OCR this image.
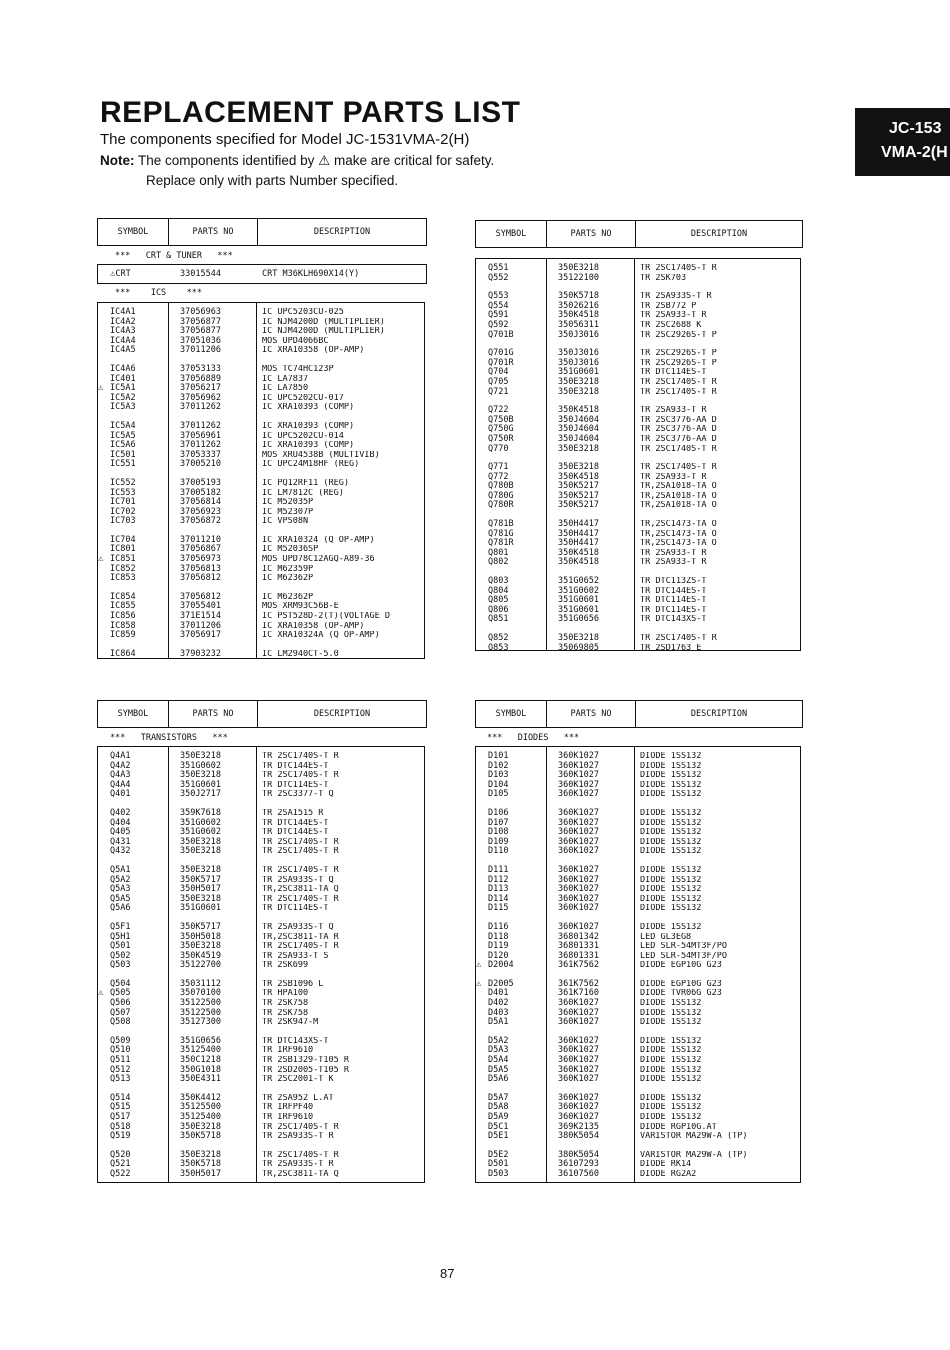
REPLACEMENT PARTS LIST
The components specified for Model JC-1531VMA-2(H)
Note: The components identified by ⚠ make are critical for safety.
Replace only with parts Number specified.
JC-153
VMA-2(H
SYMBOL	PARTS NO	DESCRIPTION
***   CRT & TUNER   ***
⚠CRT	33015544	CRT M36KLH690X14(Y)
***    ICS    ***
IC4A1	37056963	IC UPC5203CU-025
IC4A2	37056877	IC NJM4200D (MULTIPLIER)
IC4A3	37056877	IC NJM4200D (MULTIPLIER)
IC4A4	37051036	MOS UPD4066BC
IC4A5	37011206	IC XRA10358 (OP-AMP)
IC4A6	37053133	MOS TC74HC123P
IC401	37056889	IC LA7837
⚠ IC5A1	37056217	IC LA7850
IC5A2	37056962	IC UPC5202CU-017
IC5A3	37011262	IC XRA10393 (COMP)
IC5A4	37011262	IC XRA10393 (COMP)
IC5A5	37056961	IC UPC5202CU-014
IC5A6	37011262	IC XRA10393 (COMP)
IC501	37053337	MOS XRU4538B (MULTIVIB)
IC551	37005210	IC UPC24M18HF (REG)
IC552	37005193	IC PQ12RF11 (REG)
IC553	37005182	IC LM7812C (REG)
IC701	37056814	IC M52035P
IC702	37056923	IC M52307P
IC703	37056872	IC VPS08N
IC704	37011210	IC XRA10324 (Q OP-AMP)
IC801	37056867	IC M52036SP
⚠ IC851	37056973	MOS UPD78C12AGQ-A89-36
IC852	37056813	IC M62359P
IC853	37056812	IC M62362P
IC854	37056812	IC M62362P
IC855	37055401	MOS XRM93C56B-E
IC856	371E1514	IC PST528D-2(T)(VOLTAGE D
IC858	37011206	IC XRA10358 (OP-AMP)
IC859	37056917	IC XRA10324A (Q OP-AMP)
IC864	37903232	IC LM2940CT-5.0
SYMBOL	PARTS NO	DESCRIPTION
Q551	350E3218	TR 2SC1740S-T R
Q552	35122100	TR 2SK703
Q553	350K5718	TR 2SA933S-T R
Q554	35026216	TR 2SB772 P
Q591	350K4518	TR 2SA933-T R
Q592	35056311	TR 2SC2688 K
Q701B	350J3016	TR 2SC2926S-T P
Q701G	350J3016	TR 2SC2926S-T P
Q701R	350J3016	TR 2SC2926S-T P
Q704	351G0601	TR DTC114ES-T
Q705	350E3218	TR 2SC1740S-T R
Q721	350E3218	TR 2SC1740S-T R
Q722	350K4518	TR 2SA933-T R
Q750B	350J4604	TR 2SC3776-AA D
Q750G	350J4604	TR 2SC3776-AA D
Q750R	350J4604	TR 2SC3776-AA D
Q770	350E3218	TR 2SC1740S-T R
Q771	350E3218	TR 2SC1740S-T R
Q772	350K4518	TR 2SA933-T R
Q780B	350K5217	TR,2SA1018-TA O
Q780G	350K5217	TR,2SA1018-TA O
Q780R	350K5217	TR,2SA1018-TA O
Q781B	350H4417	TR,2SC1473-TA O
Q781G	350H4417	TR,2SC1473-TA O
Q781R	350H4417	TR,2SC1473-TA O
Q801	350K4518	TR 2SA933-T R
Q802	350K4518	TR 2SA933-T R
Q803	351G0652	TR DTC113ZS-T
Q804	351G0602	TR DTC144ES-T
Q805	351G0601	TR DTC114ES-T
Q806	351G0601	TR DTC114ES-T
Q851	351G0656	TR DTC143XS-T
Q852	350E3218	TR 2SC1740S-T R
Q853	35069805	TR 2SD1763 E
SYMBOL	PARTS NO	DESCRIPTION
***   TRANSISTORS   ***
Q4A1	350E3218	TR 2SC1740S-T R
Q4A2	351G0602	TR DTC144ES-T
Q4A3	350E3218	TR 2SC1740S-T R
Q4A4	351G0601	TR DTC114ES-T
Q401	350J2717	TR 2SC3377-T Q
Q402	359K7618	TR 2SA1515 R
Q404	351G0602	TR DTC144ES-T
Q405	351G0602	TR DTC144ES-T
Q431	350E3218	TR 2SC1740S-T R
Q432	350E3218	TR 2SC1740S-T R
Q5A1	350E3218	TR 2SC1740S-T R
Q5A2	350K5717	TR 2SA933S-T Q
Q5A3	350H5017	TR,2SC3811-TA Q
Q5A5	350E3218	TR 2SC1740S-T R
Q5A6	351G0601	TR DTC114ES-T
Q5F1	350K5717	TR 2SA933S-T Q
Q5H1	350H5018	TR,2SC3811-TA R
Q501	350E3218	TR 2SC1740S-T R
Q502	350K4519	TR 2SA933-T S
Q503	35122700	TR 2SK699
Q504	35031112	TR 2SB1096 L
⚠ Q505	35070100	TR HPA100
Q506	35122500	TR 2SK758
Q507	35122500	TR 2SK758
Q508	35127300	TR 2SK947-M
Q509	351G0656	TR DTC143XS-T
Q510	35125400	TR IRF9610
Q511	350C1218	TR 2SB1329-T105 R
Q512	350G1018	TR 2SD2005-T105 R
Q513	350E4311	TR 2SC2001-T K
Q514	350K4412	TR 2SA952 L.AT
Q515	35125500	TR IRFPF40
Q517	35125400	TR IRF9610
Q518	350E3218	TR 2SC1740S-T R
Q519	350K5718	TR 2SA933S-T R
Q520	350E3218	TR 2SC1740S-T R
Q521	350K5718	TR 2SA933S-T R
Q522	350H5017	TR,2SC3811-TA Q
SYMBOL	PARTS NO	DESCRIPTION
***   DIODES   ***
D101	360K1027	DIODE 1SS132
D102	360K1027	DIODE 1SS132
D103	360K1027	DIODE 1SS132
D104	360K1027	DIODE 1SS132
D105	360K1027	DIODE 1SS132
D106	360K1027	DIODE 1SS132
D107	360K1027	DIODE 1SS132
D108	360K1027	DIODE 1SS132
D109	360K1027	DIODE 1SS132
D110	360K1027	DIODE 1SS132
D111	360K1027	DIODE 1SS132
D112	360K1027	DIODE 1SS132
D113	360K1027	DIODE 1SS132
D114	360K1027	DIODE 1SS132
D115	360K1027	DIODE 1SS132
D116	360K1027	DIODE 1SS132
D118	36801342	LED GL3EG8
D119	36801331	LED SLR-54MT3F/PO
D120	36801331	LED SLR-54MT3F/PO
⚠ D2004	361K7562	DIODE EGP10G G23
⚠ D2005	361K7562	DIODE EGP10G G23
D401	361K7160	DIODE TVR06G G23
D402	360K1027	DIODE 1SS132
D403	360K1027	DIODE 1SS132
D5A1	360K1027	DIODE 1SS132
D5A2	360K1027	DIODE 1SS132
D5A3	360K1027	DIODE 1SS132
D5A4	360K1027	DIODE 1SS132
D5A5	360K1027	DIODE 1SS132
D5A6	360K1027	DIODE 1SS132
D5A7	360K1027	DIODE 1SS132
D5A8	360K1027	DIODE 1SS132
D5A9	360K1027	DIODE 1SS132
D5C1	369K2135	DIODE RGP10G.AT
D5E1	380K5054	VARISTOR MA29W-A (TP)
D5E2	380K5054	VARISTOR MA29W-A (TP)
D501	36107293	DIODE RK14
D503	36107560	DIODE RG2A2
87
